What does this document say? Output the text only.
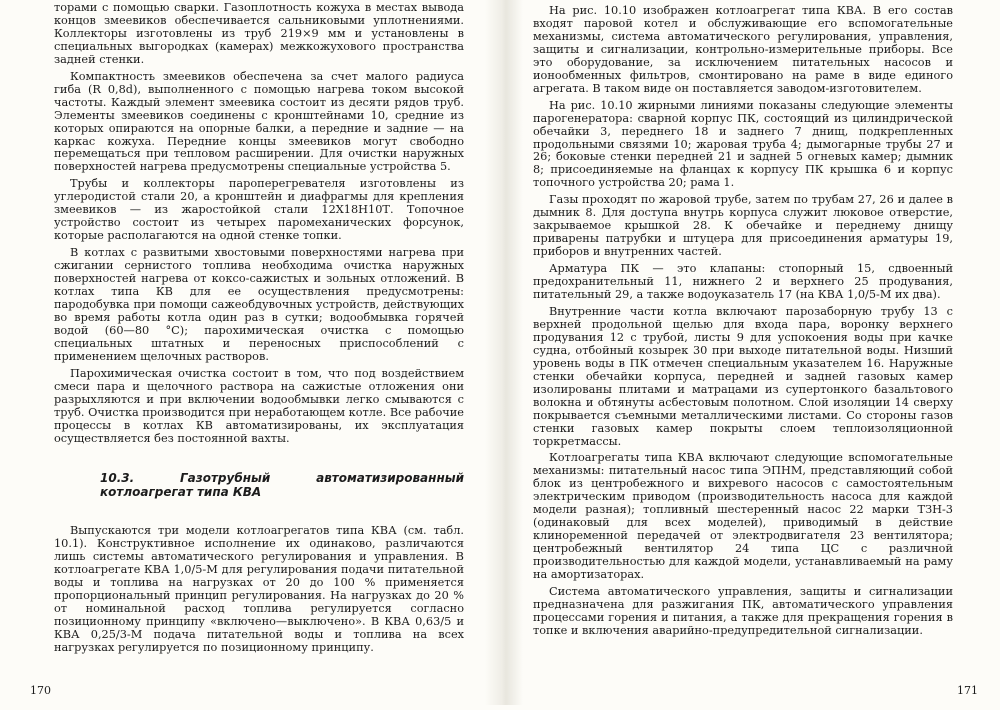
торами с помощью сварки. Газоплотность кожуха в местах вывода концов змеевиков обеспечивается сальниковыми уплотнениями. Коллекторы изготовлены из труб 219×9 мм и установлены в специальных выгородках (камерах) межкожухового пространства задней стенки.

Компактность змеевиков обеспечена за счет малого радиуса гиба (R 0,8d), выполненного с помощью нагрева током высокой частоты. Каждый элемент змеевика состоит из десяти рядов труб. Элементы змеевиков соединены с кронштейнами 10, средние из которых опираются на опорные балки, а передние и задние — на каркас кожуха. Передние концы змеевиков могут свободно перемещаться при тепловом расширении. Для очистки наружных поверхностей нагрева предусмотрены специальные устройства 5.

Трубы и коллекторы пароперегревателя изготовлены из углеродистой стали 20, а кронштейн и диафрагмы для крепления змеевиков — из жаростойкой стали 12Х18Н10Т. Топочное устройство состоит из четырех паромеханических форсунок, которые располагаются на одной стенке топки.

В котлах с развитыми хвостовыми поверхностями нагрева при сжигании сернистого топлива необходима очистка наружных поверхностей нагрева от коксо-сажистых и зольных отложений. В котлах типа КВ для ее осуществления предусмотрены: пародобувка при помощи сажеобдувочных устройств, действующих во время работы котла один раз в сутки; водообмывка горячей водой (60—80 °С); парохимическая очистка с помощью специальных штатных и переносных приспособлений с применением щелочных растворов.

Парохимическая очистка состоит в том, что под воздействием смеси пара и щелочного раствора на сажистые отложения они разрыхляются и при включении водообмывки легко смываются с труб. Очистка производится при неработающем котле. Все рабочие процессы в котлах КВ автоматизированы, их эксплуатация осуществляется без постоянной вахты.

10.3. Газотрубный автоматизированный котлоагрегат типа КВА

Выпускаются три модели котлоагрегатов типа КВА (см. табл. 10.1). Конструктивное исполнение их одинаково, различаются лишь системы автоматического регулирования и управления. В котлоагрегате КВА 1,0/5-М для регулирования подачи питательной воды и топлива на нагрузках от 20 до 100 % применяется пропорциональный принцип регулирования. На нагрузках до 20 % от номинальной расход топлива регулируется согласно позиционному принципу «включено—выключено». В КВА 0,63/5 и КВА 0,25/3-М подача питательной воды и топлива на всех нагрузках регулируется по позиционному принципу.

170

На рис. 10.10 изображен котлоагрегат типа КВА. В его состав входят паровой котел и обслуживающие его вспомогательные механизмы, система автоматического регулирования, управления, защиты и сигнализации, контрольно-измерительные приборы. Все это оборудование, за исключением питательных насосов и ионообменных фильтров, смонтировано на раме в виде единого агрегата. В таком виде он поставляется заводом-изготовителем.

На рис. 10.10 жирными линиями показаны следующие элементы парогенератора: сварной корпус ПК, состоящий из цилиндрической обечайки 3, переднего 18 и заднего 7 днищ, подкрепленных продольными связями 10; жаровая труба 4; дымогарные трубы 27 и 26; боковые стенки передней 21 и задней 5 огневых камер; дымник 8; присоединяемые на фланцах к корпусу ПК крышка 6 и корпус топочного устройства 20; рама 1.

Газы проходят по жаровой трубе, затем по трубам 27, 26 и далее в дымник 8. Для доступа внутрь корпуса служит люковое отверстие, закрываемое крышкой 28. К обечайке и переднему днищу приварены патрубки и штуцера для присоединения арматуры 19, приборов и внутренних частей.

Арматура ПК — это клапаны: стопорный 15, сдвоенный предохранительный 11, нижнего 2 и верхнего 25 продувания, питательный 29, а также водоуказатель 17 (на КВА 1,0/5-М их два).

Внутренние части котла включают парозаборную трубу 13 с верхней продольной щелью для входа пара, воронку верхнего продувания 12 с трубой, листы 9 для успокоения воды при качке судна, отбойный козырек 30 при выходе питательной воды. Низший уровень воды в ПК отмечен специальным указателем 16. Наружные стенки обечайки корпуса, передней и задней газовых камер изолированы плитами и матрацами из супертонкого базальтового волокна и обтянуты асбестовым полотном. Слой изоляции 14 сверху покрывается съемными металлическими листами. Со стороны газов стенки газовых камер покрыты слоем теплоизоляционной торкретмассы.

Котлоагрегаты типа КВА включают следующие вспомогательные механизмы: питательный насос типа ЭПНМ, представляющий собой блок из центробежного и вихревого насосов с самостоятельным электрическим приводом (производительность насоса для каждой модели разная); топливный шестеренный насос 22 марки ТЗН-3 (одинаковый для всех моделей), приводимый в действие клиноременной передачей от электродвигателя 23 вентилятора; центробежный вентилятор 24 типа ЦС с различной производительностью для каждой модели, устанавливаемый на раму на амортизаторах.

Система автоматического управления, защиты и сигнализации предназначена для разжигания ПК, автоматического управления процессами горения и питания, а также для прекращения горения в топке и включения аварийно-предупредительной сигнализации.

171
